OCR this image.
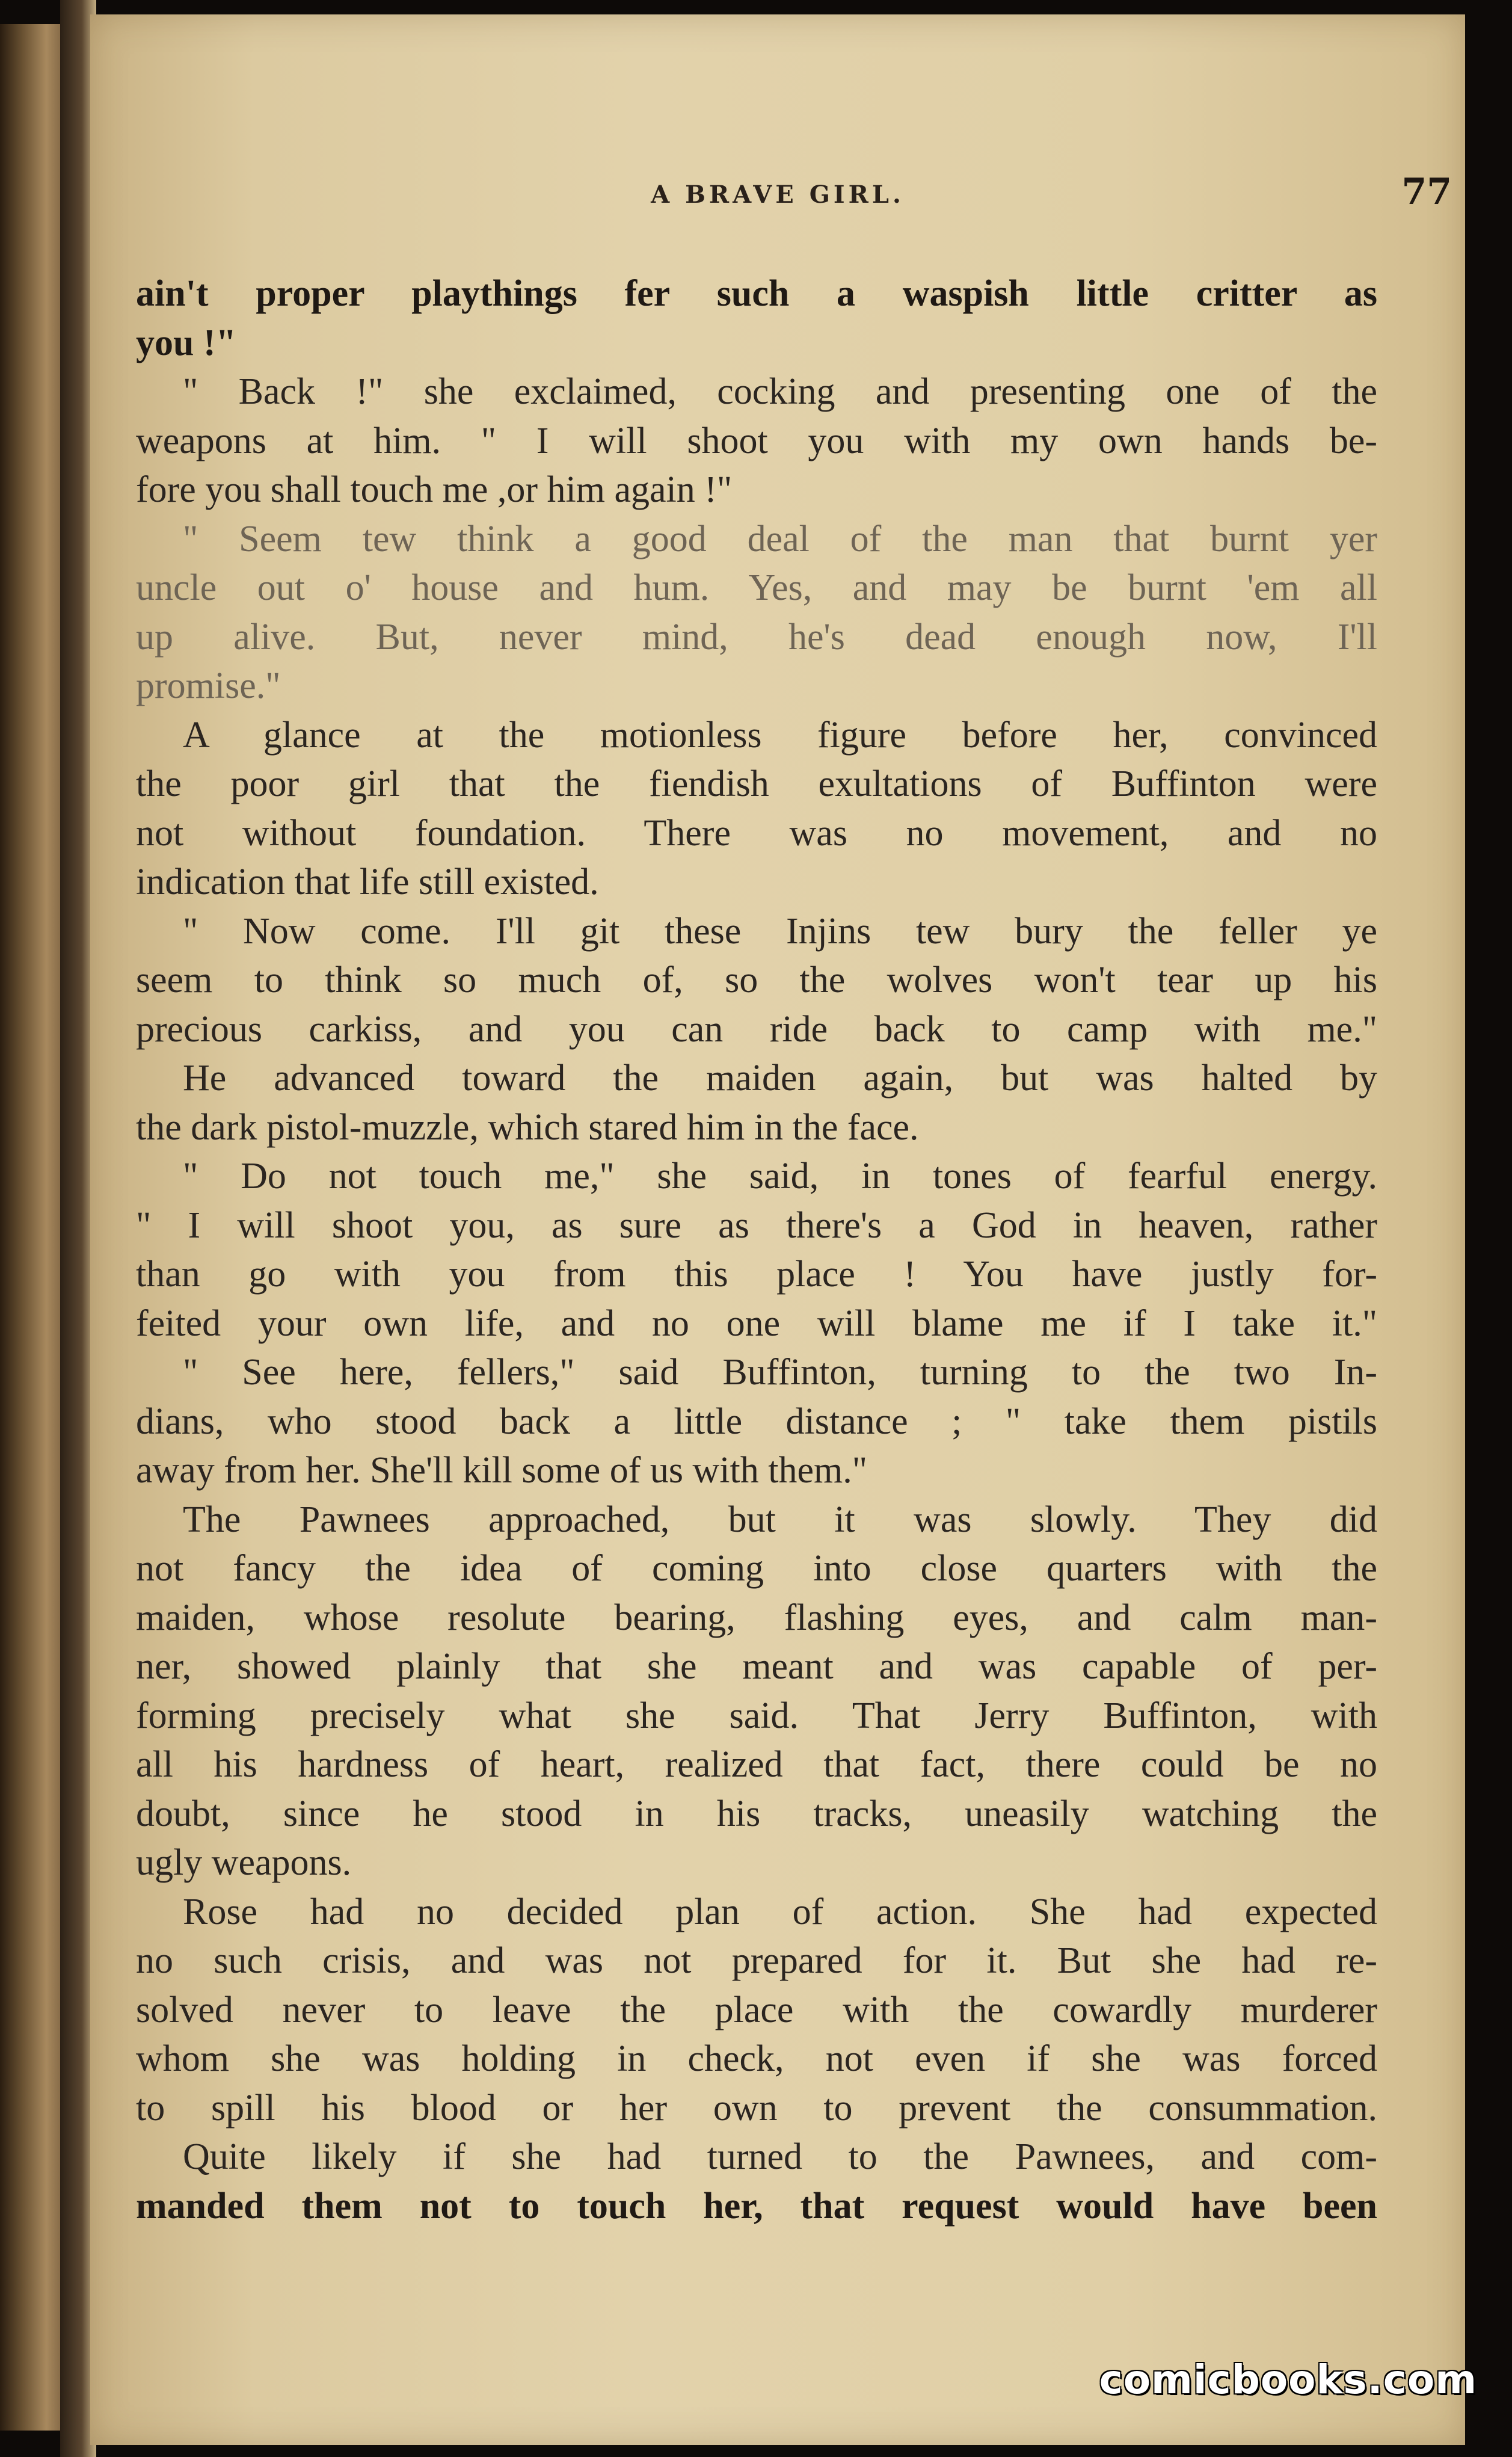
A BRAVE GIRL.	77
ain't proper playthings fer such a waspish little critter as
you !"
" Back !" she exclaimed, cocking and presenting one of the
weapons at him. " I will shoot you with my own hands be-
fore you shall touch me ,or him again !"
" Seem tew think a good deal of the man that burnt yer
uncle out o' house and hum. Yes, and may be burnt 'em all
up alive. But, never mind, he's dead enough now, I'll
promise."
A glance at the motionless figure before her, convinced
the poor girl that the fiendish exultations of Buffinton were
not without foundation. There was no movement, and no
indication that life still existed.
" Now come. I'll git these Injins tew bury the feller ye
seem to think so much of, so the wolves won't tear up his
precious carkiss, and you can ride back to camp with me."
He advanced toward the maiden again, but was halted by
the dark pistol-muzzle, which stared him in the face.
" Do not touch me," she said, in tones of fearful energy.
" I will shoot you, as sure as there's a God in heaven, rather
than go with you from this place ! You have justly for-
feited your own life, and no one will blame me if I take it."
" See here, fellers," said Buffinton, turning to the two In-
dians, who stood back a little distance ; " take them pistils
away from her. She'll kill some of us with them."
The Pawnees approached, but it was slowly. They did
not fancy the idea of coming into close quarters with the
maiden, whose resolute bearing, flashing eyes, and calm man-
ner, showed plainly that she meant and was capable of per-
forming precisely what she said. That Jerry Buffinton, with
all his hardness of heart, realized that fact, there could be no
doubt, since he stood in his tracks, uneasily watching the
ugly weapons.
Rose had no decided plan of action. She had expected
no such crisis, and was not prepared for it. But she had re-
solved never to leave the place with the cowardly murderer
whom she was holding in check, not even if she was forced
to spill his blood or her own to prevent the consummation.
Quite likely if she had turned to the Pawnees, and com-
manded them not to touch her, that request would have been
comicbooks.com
